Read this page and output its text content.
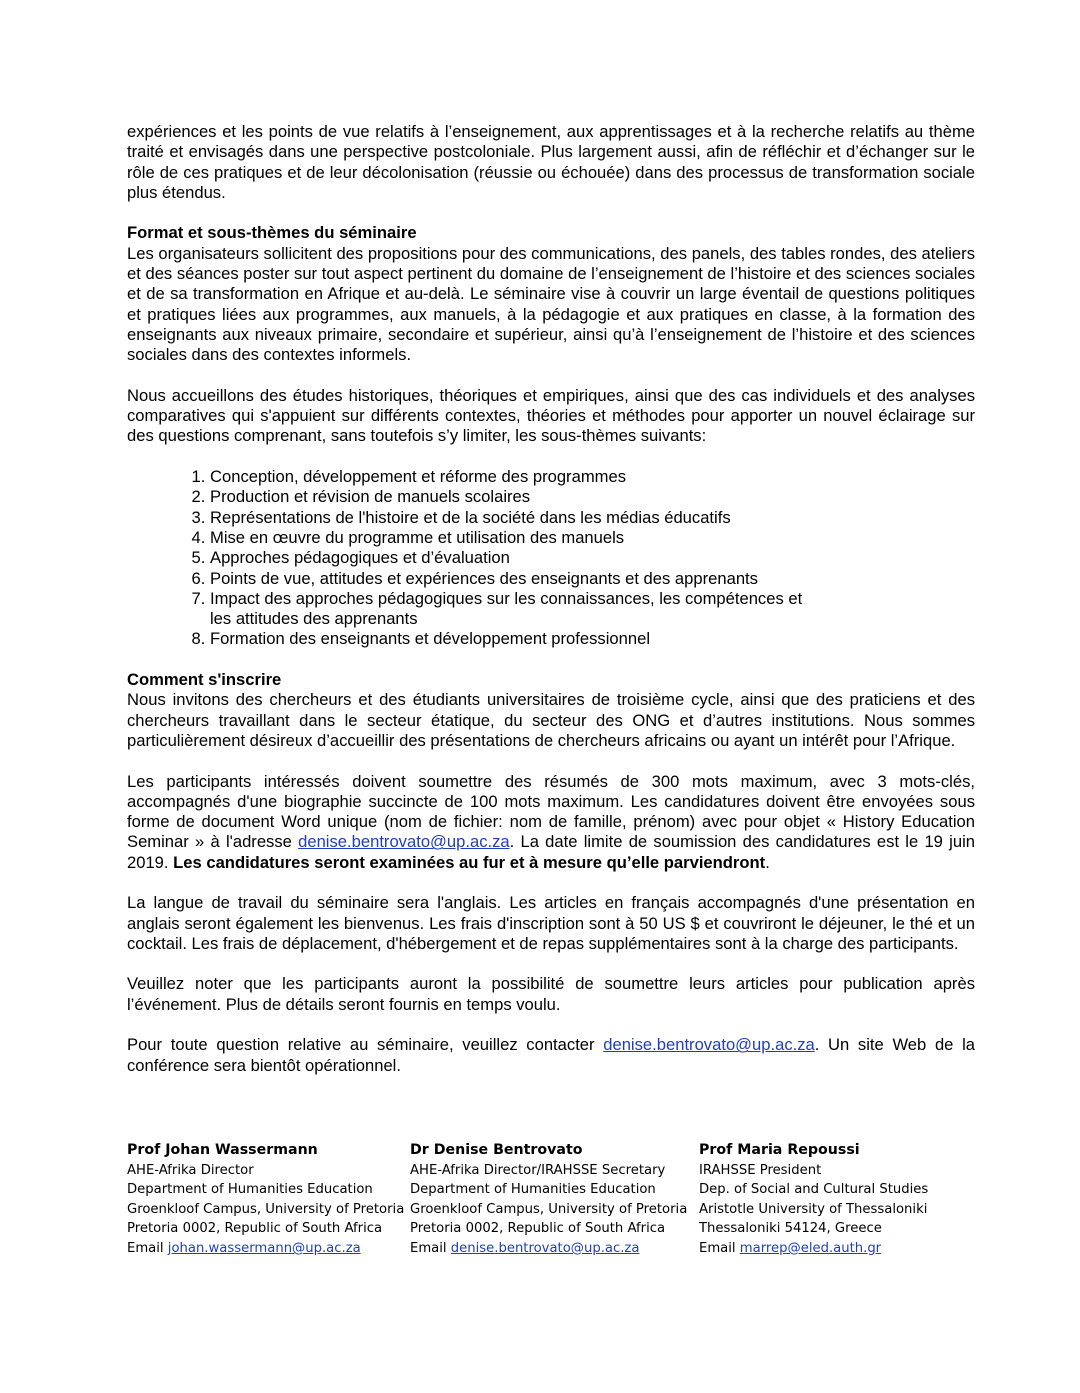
expériences et les points de vue relatifs à l’enseignement, aux apprentissages et à la recherche relatifs au thème traité et envisagés dans une perspective postcoloniale. Plus largement aussi, afin de réfléchir et d’échanger sur le rôle de ces pratiques et de leur décolonisation (réussie ou échouée) dans des processus de transformation sociale plus étendus.

Format et sous-thèmes du séminaire

Les organisateurs sollicitent des propositions pour des communications, des panels, des tables rondes, des ateliers et des séances poster sur tout aspect pertinent du domaine de l’enseignement de l’histoire et des sciences sociales et de sa transformation en Afrique et au-delà. Le séminaire vise à couvrir un large éventail de questions politiques et pratiques liées aux programmes, aux manuels, à la pédagogie et aux pratiques en classe, à la formation des enseignants aux niveaux primaire, secondaire et supérieur, ainsi qu’à l’enseignement de l’histoire et des sciences sociales dans des contextes informels.

Nous accueillons des études historiques, théoriques et empiriques, ainsi que des cas individuels et des analyses comparatives qui s'appuient sur différents contextes, théories et méthodes pour apporter un nouvel éclairage sur des questions comprenant, sans toutefois s’y limiter, les sous-thèmes suivants:

1. Conception, développement et réforme des programmes
2. Production et révision de manuels scolaires
3. Représentations de l'histoire et de la société dans les médias éducatifs
4. Mise en œuvre du programme et utilisation des manuels
5. Approches pédagogiques et d’évaluation
6. Points de vue, attitudes et expériences des enseignants et des apprenants
7. Impact des approches pédagogiques sur les connaissances, les compétences et les attitudes des apprenants
8. Formation des enseignants et développement professionnel
Comment s'inscrire

Nous invitons des chercheurs et des étudiants universitaires de troisième cycle, ainsi que des praticiens et des chercheurs travaillant dans le secteur étatique, du secteur des ONG et d’autres institutions. Nous sommes particulièrement désireux d’accueillir des présentations de chercheurs africains ou ayant un intérêt pour l’Afrique.

Les participants intéressés doivent soumettre des résumés de 300 mots maximum, avec 3 mots-clés, accompagnés d'une biographie succincte de 100 mots maximum. Les candidatures doivent être envoyées sous forme de document Word unique (nom de fichier: nom de famille, prénom) avec pour objet « History Education Seminar » à l'adresse denise.bentrovato@up.ac.za. La date limite de soumission des candidatures est le 19 juin 2019. Les candidatures seront examinées au fur et à mesure qu’elle parviendront.

La langue de travail du séminaire sera l'anglais. Les articles en français accompagnés d'une présentation en anglais seront également les bienvenus. Les frais d'inscription sont à 50 US $ et couvriront le déjeuner, le thé et un cocktail. Les frais de déplacement, d'hébergement et de repas supplémentaires sont à la charge des participants.

Veuillez noter que les participants auront la possibilité de soumettre leurs articles pour publication après l’événement. Plus de détails seront fournis en temps voulu.

Pour toute question relative au séminaire, veuillez contacter denise.bentrovato@up.ac.za. Un site Web de la conférence sera bientôt opérationnel.

Prof Johan Wassermann
AHE-Afrika Director
Department of Humanities Education
Groenkloof Campus, University of Pretoria
Pretoria 0002, Republic of South Africa
Email johan.wassermann@up.ac.za
Dr Denise Bentrovato
AHE-Afrika Director/IRAHSSE Secretary
Department of Humanities Education
Groenkloof Campus, University of Pretoria
Pretoria 0002, Republic of South Africa
Email denise.bentrovato@up.ac.za
Prof Maria Repoussi
IRAHSSE President
Dep. of Social and Cultural Studies
Aristotle University of Thessaloniki
Thessaloniki 54124, Greece
Email marrep@eled.auth.gr
